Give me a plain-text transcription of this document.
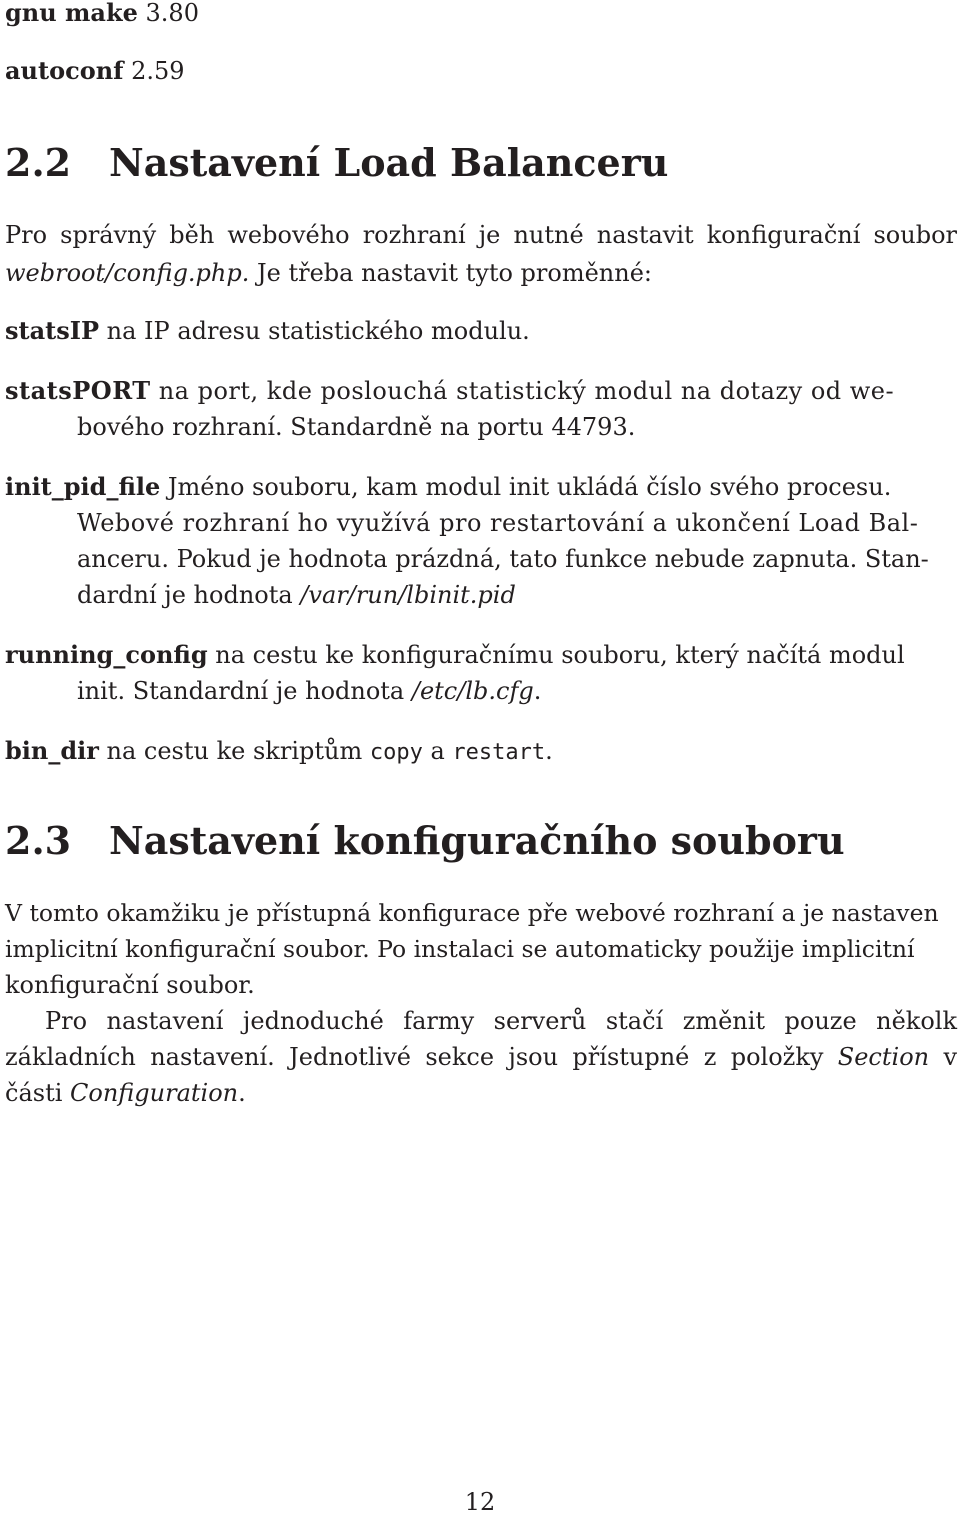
gnu make 3.80
autoconf 2.59
2.2 Nastavení Load Balanceru
Pro správný běh webového rozhraní je nutné nastavit konfigurační soubor
webroot/config.php. Je třeba nastavit tyto proměnné:
statsIP na IP adresu statistického modulu.
statsPORT na port, kde poslouchá statistický modul na dotazy od we-
bového rozhraní. Standardně na portu 44793.
init_pid_file Jméno souboru, kam modul init ukládá číslo svého procesu.
Webové rozhraní ho využívá pro restartování a ukončení Load Bal-
anceru. Pokud je hodnota prázdná, tato funkce nebude zapnuta. Stan-
dardní je hodnota /var/run/lbinit.pid
running_config na cestu ke konfiguračnímu souboru, který načítá modul
init. Standardní je hodnota /etc/lb.cfg.
bin_dir na cestu ke skriptům copy a restart.
2.3 Nastavení konfiguračního souboru
V tomto okamžiku je přístupná konfigurace pře webové rozhraní a je nastaven
implicitní konfigurační soubor. Po instalaci se automaticky použije implicitní
konfigurační soubor.
Pro nastavení jednoduché farmy serverů stačí změnit pouze několk
základních nastavení. Jednotlivé sekce jsou přístupné z položky Section v
části Configuration.
12
